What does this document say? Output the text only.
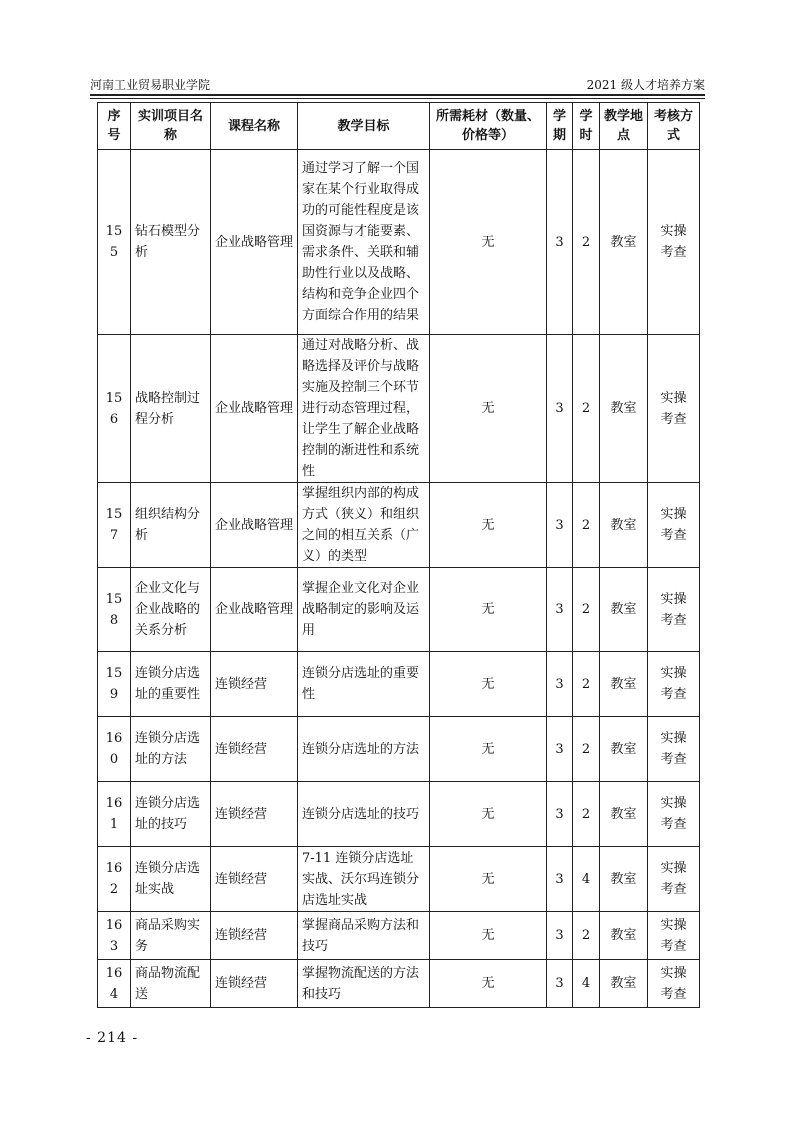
河南工业贸易职业学院	2021 级人才培养方案
序号	实训项目名称	课程名称	教学目标	所需耗材（数量、价格等）	学期	学时	教学地点	考核方式
155	钻石模型分析	企业战略管理	通过学习了解一个国家在某个行业取得成功的可能性程度是该国资源与才能要素、需求条件、关联和辅助性行业以及战略、结构和竞争企业四个方面综合作用的结果	无	3	2	教室	实操考查
156	战略控制过程分析	企业战略管理	通过对战略分析、战略选择及评价与战略实施及控制三个环节进行动态管理过程，让学生了解企业战略控制的渐进性和系统性	无	3	2	教室	实操考查
157	组织结构分析	企业战略管理	掌握组织内部的构成方式（狭义）和组织之间的相互关系（广义）的类型	无	3	2	教室	实操考查
158	企业文化与企业战略的关系分析	企业战略管理	掌握企业文化对企业战略制定的影响及运用	无	3	2	教室	实操考查
159	连锁分店选址的重要性	连锁经营	连锁分店选址的重要性	无	3	2	教室	实操考查
160	连锁分店选址的方法	连锁经营	连锁分店选址的方法	无	3	2	教室	实操考查
161	连锁分店选址的技巧	连锁经营	连锁分店选址的技巧	无	3	2	教室	实操考查
162	连锁分店选址实战	连锁经营	7-11 连锁分店选址实战、沃尔玛连锁分店选址实战	无	3	4	教室	实操考查
163	商品采购实务	连锁经营	掌握商品采购方法和技巧	无	3	2	教室	实操考查
164	商品物流配送	连锁经营	掌握物流配送的方法和技巧	无	3	4	教室	实操考查
- 214 -
